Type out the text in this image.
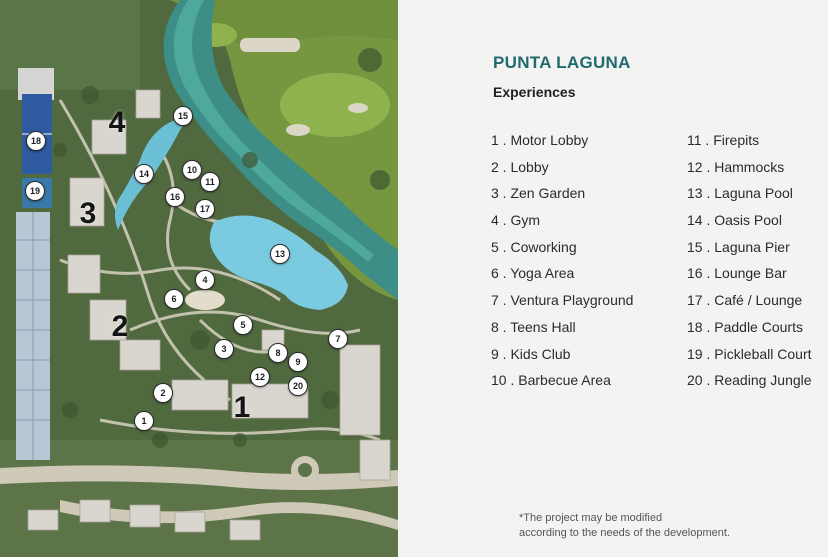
4
3
2
1
1
2
3
4
5
6
7
8
9
10
11
12
13
14
15
16
17
18
19
20
PUNTA LAGUNA
Experiences
1 . Motor Lobby
2 . Lobby
3 . Zen Garden
4 . Gym
5 . Coworking
6 . Yoga Area
7 . Ventura Playground
8 . Teens Hall
9 . Kids Club
10 . Barbecue Area
11 . Firepits
12 . Hammocks
13 . Laguna Pool
14 . Oasis Pool
15 . Laguna Pier
16 . Lounge Bar
17 . Café / Lounge
18 . Paddle Courts
19 . Pickleball Court
20 . Reading Jungle
*The project may be modified
according to the needs of the development.
